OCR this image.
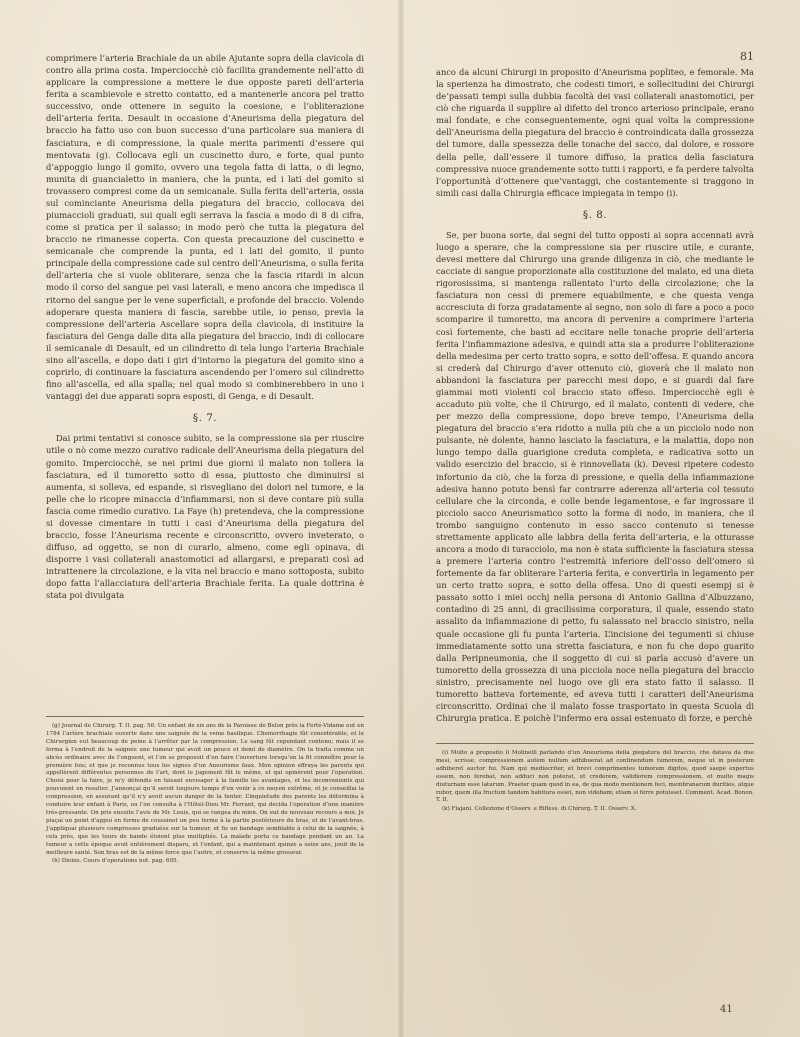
81

comprimere l’arteria Brachiale da un abile Ajutante sopra della clavicola di contro alla prima costa. Imperciocchè ciò facilita grandemente nell’atto di applicare la compressione a mettere le due opposte pareti dell’arteria ferita a scambievole e stretto contatto, ed a mantenerle ancora pel tratto successivo, onde ottenere in seguito la coesione, e l’obliterazione dell’arteria ferita. Desault in occasione d’Aneurisma della piegatura del braccio ha fatto uso con buon successo d’una particolare sua maniera di fasciatura, e di compressione, la quale merita parimenti d’essere qui mentovata (g). Collocava egli un cuscinetto duro, e forte, qual punto d’appoggio lungo il gomito, ovvero una tegola fatta di latta, o di legno, munita di guancialetto in maniera, che la punta, ed i lati del gomito si trovassero compresi come da un semicanale. Sulla ferita dell’arteria, ossia sul cominciante Aneurisma della piegatura del braccio, collocava dei piumaccioli graduati, sui quali egli serrava la fascia a modo di 8 di cifra, come si pratica per il salasso; in modo però che tutta la piegatura del braccio ne rimanesse coperta. Con questa precauzione del cuscinetto e semicanale che comprende la punta, ed i lati del gomito, il punto principale della compressione cade sul centro dell’Aneurisma, o sulla ferita dell’arteria che si vuole obliterare, senza che la fascia ritardi in alcun modo il corso del sangue pei vasi laterali, e meno ancora che impedisca il ritorno del sangue per le vene superficiali, e profonde del braccio. Volendo adoperare questa maniera di fascia, sarebbe utile, io penso, previa la compressione dell’arteria Ascellare sopra della clavicola, di instituire la fasciatura del Genga dalle dita alla piegatura del braccio, indi di collocare il semicanale di Desault, ed un cilindretto di tela lungo l’arteria Brachiale sino all’ascella, e dopo dati i giri d’intorno la piegatura del gomito sino a coprirlo, di continuare la fasciatura ascendendo per l’omero sul cilindretto fino all’ascella, ed alla spalla; nel qual modo si combinerebbero in uno i vantaggi dei due apparati sopra esposti, di Genga, e di Desault.

§. 7.

Dai primi tentativi si conosce subito, se la compressione sia per riuscire utile o nò come mezzo curativo radicale dell’Aneurisma della piegatura del gomito. Imperciocchè, se nei primi due giorni il malato non tollera la fasciatura, ed il tumoretto sotto di essa, piuttosto che diminuirsi si aumenta, si solleva, ed espande, si risvegliano dei dolori nel tumore, e la pelle che lo ricopre minaccia d’infiammarsi, non si deve contare più sulla fascia come rimedio curativo. La Faye (h) pretendeva, che la compressione si dovesse cimentare in tutti i casi d’Aneurisma della piegatura del braccio, fosse l’Aneurisma recente e circonscritto, ovvero inveterato, o diffuso, ad oggetto, se non di curarlo, almeno, come egli opinava, di disporre i vasi collaterali anastomotici ad allargarsi, e preparati così ad intrattenere la circolazione, e la vita nel braccio e mano sottoposta, subito dopo fatta l’allacciatura dell’arteria Brachiale ferita. La quale dottrina è stata poi divulgata

(g) Journal de Chirurg. T. II. pag. 56. Un enfant de six ans de la Paroisse de Belon près la Ferté-Vidame eut en 1784 l’artère brachiale ouverte dans une saignée de la veine basilique. L’hemorrhagie fût considérable, et le Chirurgien eut beaucoup de peine à l’arrêter par la compression. Le sang fût cependant contenu; mais il se forma à l’endroit de la saignée une tumeur qui avoit un pouce et demi de diamètre. On la traita comme un abcès ordinaire avec de l’onguent, et l’on se proposoit d’en faire l’ouverture lorsqu’on la fit connoître pour la première fois; et que je reconnus tous les signes d’un Aneurisme faux. Mon opinion effraya les parents qui appellèrent différentes personnes de l’art, dont le jugement fût le même, et qui opinèrent pour l’operation. Choisi pour la faire, je m’y défendis en faisant envisager à la famille les avantages, et les inconvenients qui pouvoient en resulter. J’annonçai qu’il seroit toujours temps d’en venir à ce moyen extrême, et je conseillai la compression, en assurant qu’il n’y avoit aucun danger de la tenter. L’inquietude des parents les détermina à conduire leur enfant à Paris, ou l’on consulta à l’Hôtel-Dieu Mr. Ferrant, qui decida l’operation d’une manière très-pressante. On pris ensuite l’avis de Mr. Louis, qui se rangea du mien. On eut de nouveau recours a moi. Je plaçai un point d’appui en forme de coussinet un peu ferme à la partie postérieure du bras, et de l’avant-bras. J’appliquai plusieurs compresses graduées sur la tumeur, et fis un bandage semblable à celui de la saignée, à cela près, que les tours de bande étoient plus multipliés. La malade porta ce bandage pendant un an. La tumeur a cette époque avoit entièrement disparu, et l’enfant, qui a maintenant quinze a seize ans, jouit de la meilleure santé. Son bras est de la même force que l’autre, et conserve la même grosseur.

(h) Dionis. Cours d’operations not. pag. 695.

anco da alcuni Chirurgi in proposito d’Aneurisma popliteo, e femorale. Ma la sperienza ha dimostrato, che codesti timori, e sollecitudini dei Chirurgi de’passati tempi sulla dubbia facoltà dei vasi collaterali anastomotici, per ciò che riguarda il supplire al difetto del tronco arterioso principale, erano mal fondate, e che conseguentemente, ogni qual volta la compressione dell’Aneurisma della piegatura del braccio è controindicata dalla grossezza del tumore, dalla spessezza delle tonache del sacco, dal dolore, e rossore della pelle, dall’essere il tumore diffuso, la pratica della fasciatura compressiva nuoce grandemente sotto tutti i rapporti, e fa perdere talvolta l’opportunità d’ottenere que’vantaggi, che costantemente si traggono in simili casi dalla Chirurgia efficace impiegata in tempo (i).

§. 8.

Se, per buona sorte, dai segni del tutto opposti ai sopra accennati avrà luogo a sperare, che la compressione sia per riuscire utile, e curante, devesi mettere dal Chirurgo una grande diligenza in ciò, che mediante le cacciate di sangue proporzionate alla costituzione del malato, ed una dieta rigorosissima, si mantenga rallentato l’urto della circolazione; che la fasciatura non cessi di premere equabilmente, e che questa venga accresciuta di forza gradatamente al segno, non solo di fare a poco a poco scomparire il tumoretto, ma ancora di pervenire a comprimere l’arteria così fortemente, che basti ad eccitare nelle tonache proprie dell’arteria ferita l’infiammazione adesiva, e quindi atta sia a produrre l’obliterazione della medesima per certo tratto sopra, e sotto dell’offesa. E quando ancora si crederà dal Chirurgo d’aver ottenuto ciò, gioverà che il malato non abbandoni la fasciatura per parecchi mesi dopo, e si guardi dal fare giammai moti violenti col braccio stato offeso. Imperciocchè egli è accaduto più volte, che il Chirurgo, ed il malato, contenti di vedere, che per mezzo della compressione, dopo breve tempo, l’Aneurisma della piegatura del braccio s’era ridotto a nulla più che a un picciolo nodo non pulsante, nè dolente, hanno lasciato la fasciatura, e la malattia, dopo non lungo tempo dalla guarigione creduta completa, e radicativa sotto un valido esercizio del braccio, si è rinnovellata (k). Devesi ripetere codesto infortunio da ciò, che la forza di pressione, e quella della infiammazione adesiva hanno potuto bensì far contrarre aderenza all’arteria col tessuto cellulare che la circonda, e colle bende legamentose, e far ingrossare il picciolo sacco Aneurismatico sotto la forma di nodo, in maniera, che il trombo sanguigno contenuto in esso sacco contenuto si tenesse strettamente applicato alle labbra della ferita dell’arteria, e la otturasse ancora a modo di turacciolo, ma non è stata sufficiente la fasciatura stessa a premere l’arteria contro l’estremità inferiore dell’osso dell’omero sì fortemente da far obliterare l’arteria ferita, e convertirla in legamento per un certo tratto sopra, e sotto della offesa. Uno di questi esempj si è passato sotto i miei occhj nella persona di Antonio Gallina d’Albuzzano, contadino di 25 anni, di gracilissima corporatura, il quale, essendo stato assalito da infiammazione di petto, fu salassato nel braccio sinistro, nella quale occasione gli fu punta l’arteria. L’incisione dei tegumenti si chiuse immediatamente sotto una stretta fasciatura, e non fu che dopo guarito dalla Peripneumonia, che il soggetto di cui si parla accusò d’avere un tumoretto della grossezza di una picciola noce nella piegatura del braccio sinistro, precisamente nel luogo ove gli era stato fatto il salasso. Il tumoretto batteva fortemente, ed aveva tutti i caratteri dell’Aneurisma circonscritto. Ordinai che il malato fosse trasportato in questa Scuola di Chirurgia pratica. E poichè l’infermo era assai estenuato di forze, e perchè

(i) Molto a proposito il Molinelli parlando d’un Aneurisma della piegatura del braccio, che datava da due mesi, scrisse, compressionem autem nullum adhibuerat ad continendum tumorem, neque ut in posterum adhiberet auctor fui. Nam qui mediocriter, et brevi comprimentes tumorem digitos, quod saepe expertus essem, non ferebat, non adduci non poterat, ut crederem, validiorem compressionem, et multo magis diuturnam esse laturum. Praeter quam quod in ea, de qua modo mentionem feci, membranarum durities, atque rubor, quem illa fructum tandem habitura esset, non videbam; etiam si ferre potuisset. Comment. Acad. Bonon. T. II.

(k) Flajani. Collezione d’Osserv. e Rifless. di Chirurg. T. II. Osserv. X.

41
